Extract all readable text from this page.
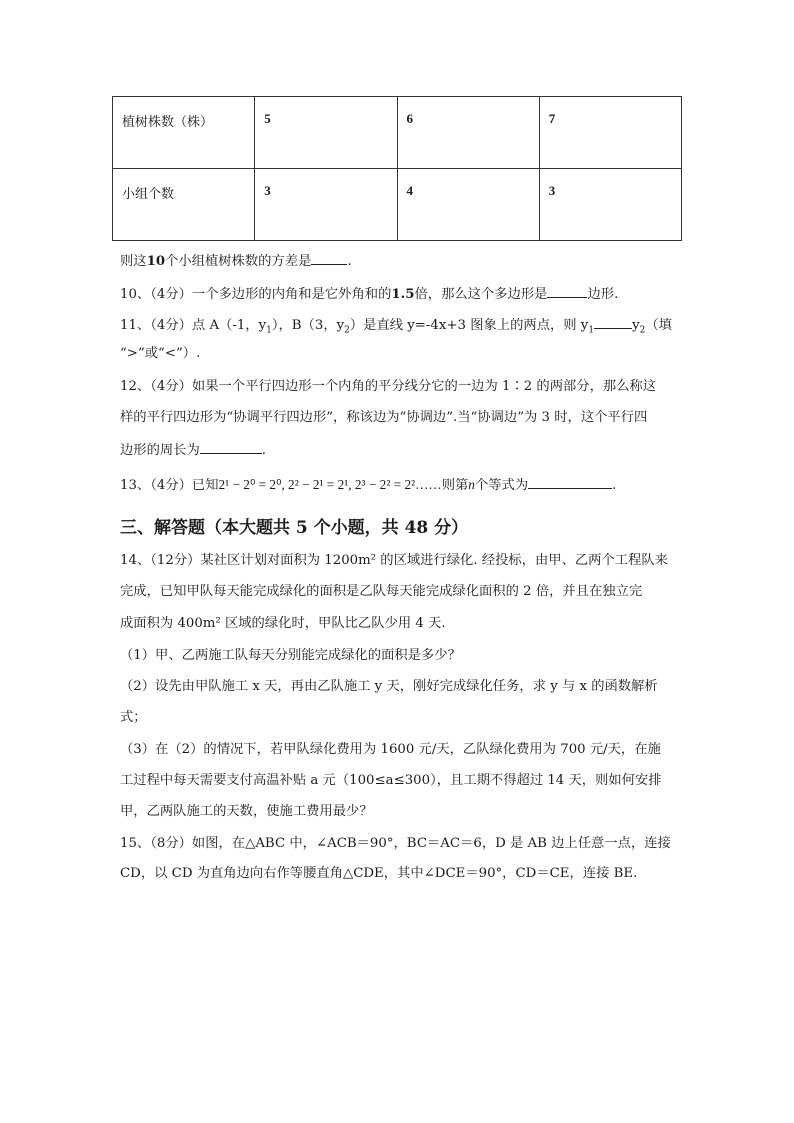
植树株数（株）	5	6	7
小组个数	3	4	3
则这10个小组植树株数的方差是	.
10、（4分）一个多边形的内角和是它外角和的1.5倍，那么这个多边形是	边形.
11、（4分）点 A（-1，$y_1$），B（3，$y_2$）是直线 y=-4x+3 图象上的两点，则 $y_1$	$y_2$（填
“>”或“<”）.
12、（4分）如果一个平行四边形一个内角的平分线分它的一边为 1∶2 的两部分，那么称这
样的平行四边形为“协调平行四边形”，称该边为“协调边”.当“协调边”为 3 时，这个平行四
边形的周长为	.
13、（4分）已知2¹ − 2⁰ = 2⁰, 2² − 2¹ = 2¹, 2³ − 2² = 2²……则第n个等式为	.
三、解答题（本大题共 5 个小题，共 48 分）
14、（12分）某社区计划对面积为 1200m² 的区域进行绿化. 经投标，由甲、乙两个工程队来
完成，已知甲队每天能完成绿化的面积是乙队每天能完成绿化面积的 2 倍，并且在独立完
成面积为 400m² 区域的绿化时，甲队比乙队少用 4 天.
（1）甲、乙两施工队每天分别能完成绿化的面积是多少？
（2）设先由甲队施工 x 天，再由乙队施工 y 天，刚好完成绿化任务，求 y 与 x 的函数解析
式；
（3）在（2）的情况下，若甲队绿化费用为 1600 元/天，乙队绿化费用为 700 元/天，在施
工过程中每天需要支付高温补贴 a 元（100≤a≤300），且工期不得超过 14 天，则如何安排
甲，乙两队施工的天数，使施工费用最少？
15、（8分）如图，在△ABC 中，∠ACB＝90°，BC＝AC＝6，D 是 AB 边上任意一点，连接
CD，以 CD 为直角边向右作等腰直角△CDE，其中∠DCE＝90°，CD＝CE，连接 BE.
